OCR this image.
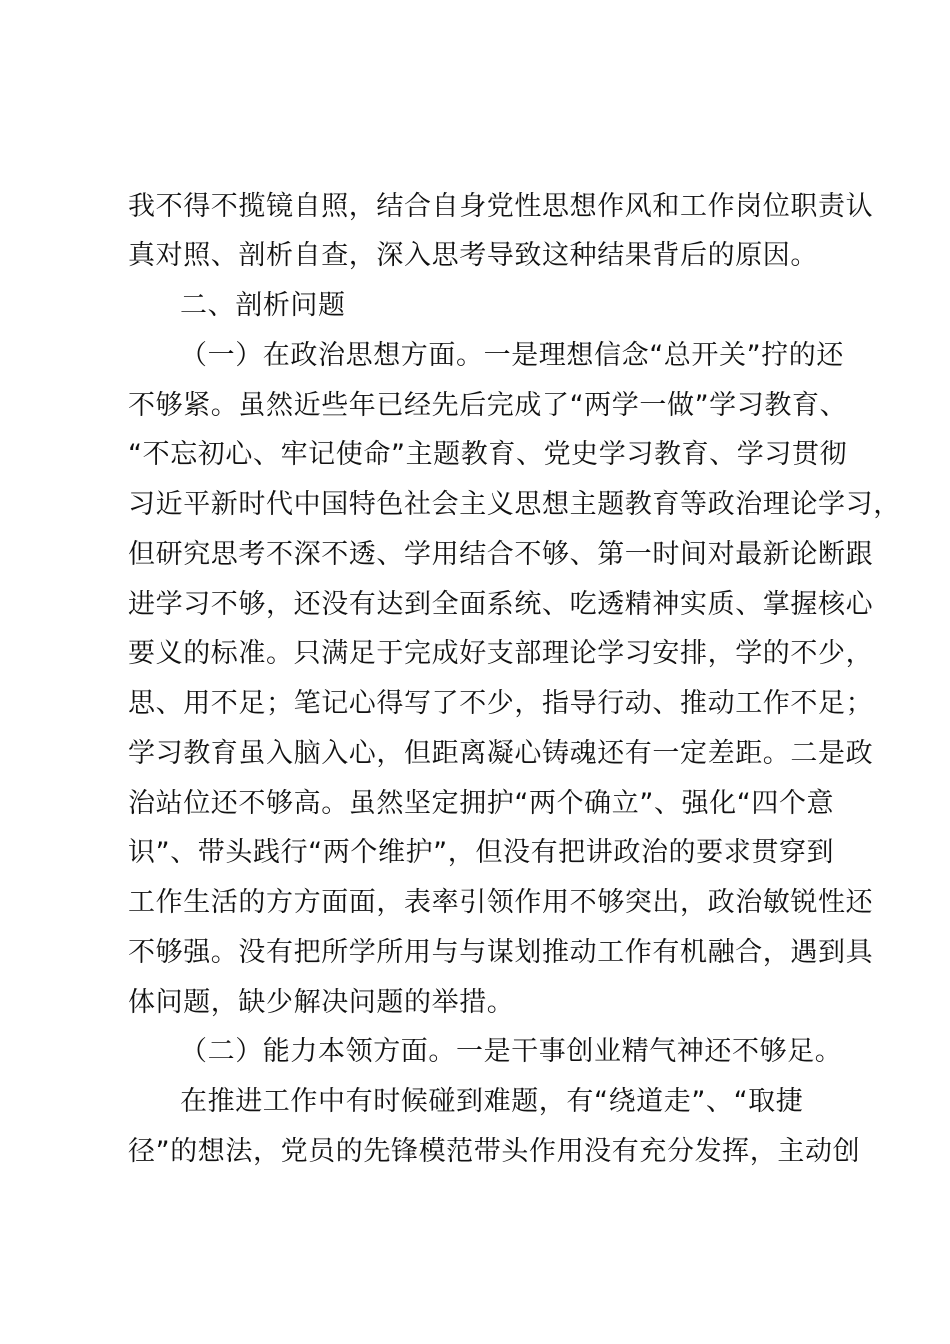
我不得不揽镜自照，结合自身党性思想作风和工作岗位职责认
真对照、剖析自查，深入思考导致这种结果背后的原因。
二、剖析问题
（一）在政治思想方面。一是理想信念“总开关”拧的还
不够紧。虽然近些年已经先后完成了“两学一做”学习教育、
“不忘初心、牢记使命”主题教育、党史学习教育、学习贯彻
习近平新时代中国特色社会主义思想主题教育等政治理论学习，
但研究思考不深不透、学用结合不够、第一时间对最新论断跟
进学习不够，还没有达到全面系统、吃透精神实质、掌握核心
要义的标准。只满足于完成好支部理论学习安排，学的不少，
思、用不足；笔记心得写了不少，指导行动、推动工作不足；
学习教育虽入脑入心，但距离凝心铸魂还有一定差距。二是政
治站位还不够高。虽然坚定拥护“两个确立”、强化“四个意
识”、带头践行“两个维护”，但没有把讲政治的要求贯穿到
工作生活的方方面面，表率引领作用不够突出，政治敏锐性还
不够强。没有把所学所用与与谋划推动工作有机融合，遇到具
体问题，缺少解决问题的举措。
（二）能力本领方面。一是干事创业精气神还不够足。
在推进工作中有时候碰到难题，有“绕道走”、“取捷
径”的想法，党员的先锋模范带头作用没有充分发挥，主动创
